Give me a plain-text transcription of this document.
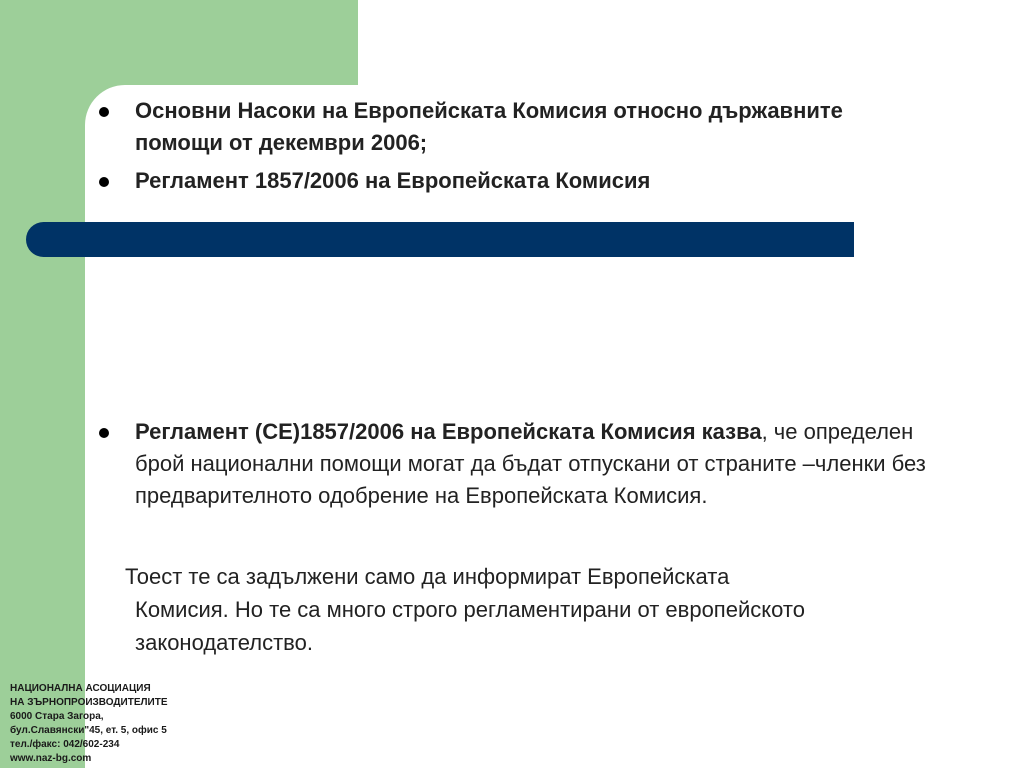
Основни Насоки на Европейската Комисия относно държавните помощи от декември 2006;
Регламент 1857/2006 на Европейската Комисия
Регламент (СЕ)1857/2006 на Европейската Комисия казва, че определен брой национални помощи могат да бъдат отпускани от страните –членки без предварителното одобрение на Европейската Комисия.
Тоест те са задължени само да информират Европейската
Комисия. Но те са много строго регламентирани от европейското законодателство.
НАЦИОНАЛНА АСОЦИАЦИЯ
НА ЗЪРНОПРОИЗВОДИТЕЛИТЕ
6000 Стара Загора,
бул.Славянски"45, ет. 5, офис 5
тел./факс: 042/602-234
www.naz-bg.com
